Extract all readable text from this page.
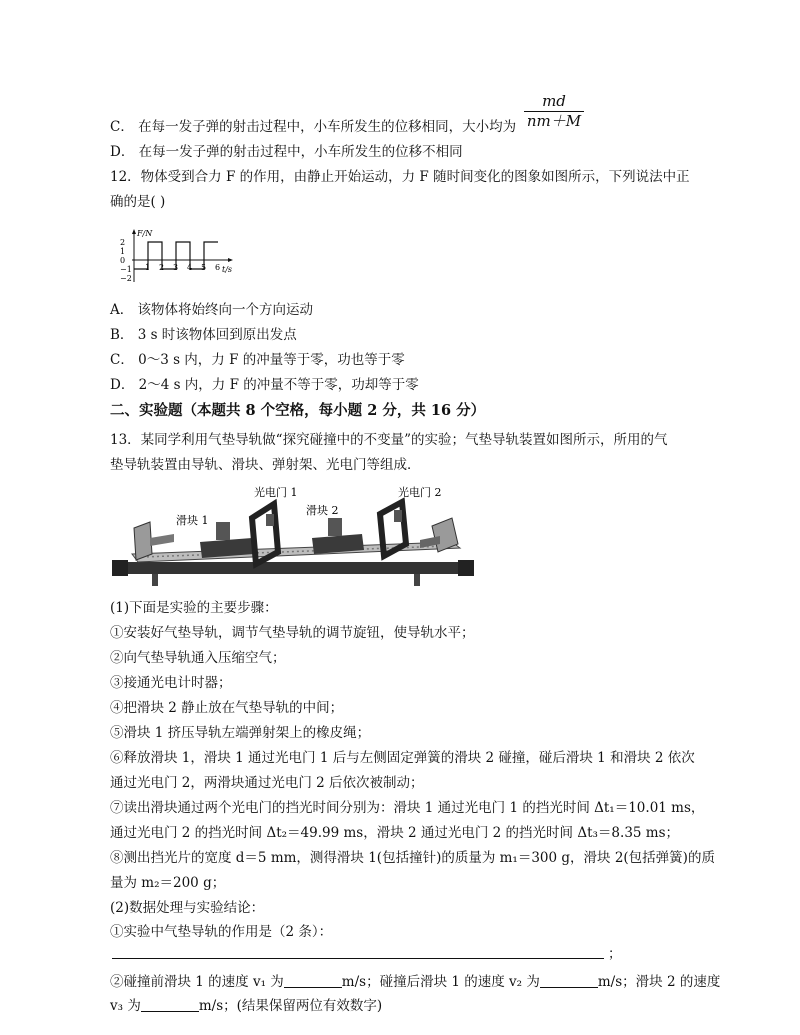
C． 在每一发子弹的射击过程中，小车所发生的位移相同，大小均为 $\frac{md}{nm+M}$
D． 在每一发子弹的射击过程中，小车所发生的位移不相同
12．物体受到合力 F 的作用，由静止开始运动，力 F 随时间变化的图象如图所示，下列说法中正
确的是( )
2
1
0
−1
−2
1 2 3 4 5 6
F/N
t/s
A． 该物体将始终向一个方向运动
B． 3 s 时该物体回到原出发点
C． 0～3 s 内，力 F 的冲量等于零，功也等于零
D． 2～4 s 内，力 F 的冲量不等于零，功却等于零
二、实验题（本题共 8 个空格，每小题 2 分，共 16 分）
13．某同学利用气垫导轨做“探究碰撞中的不变量”的实验；气垫导轨装置如图所示，所用的气
垫导轨装置由导轨、滑块、弹射架、光电门等组成．
光电门 1	光电门 2
滑块 1
滑块 2
(1)下面是实验的主要步骤：
①安装好气垫导轨，调节气垫导轨的调节旋钮，使导轨水平；
②向气垫导轨通入压缩空气；
③接通光电计时器；
④把滑块 2 静止放在气垫导轨的中间；
⑤滑块 1 挤压导轨左端弹射架上的橡皮绳；
⑥释放滑块 1，滑块 1 通过光电门 1 后与左侧固定弹簧的滑块 2 碰撞，碰后滑块 1 和滑块 2 依次
通过光电门 2，两滑块通过光电门 2 后依次被制动；
⑦读出滑块通过两个光电门的挡光时间分别为：滑块 1 通过光电门 1 的挡光时间 Δt₁＝10.01 ms，
通过光电门 2 的挡光时间 Δt₂＝49.99 ms，滑块 2 通过光电门 2 的挡光时间 Δt₃＝8.35 ms；
⑧测出挡光片的宽度 d＝5 mm，测得滑块 1(包括撞针)的质量为 m₁＝300 g，滑块 2(包括弹簧)的质
量为 m₂＝200 g；
(2)数据处理与实验结论：
①实验中气垫导轨的作用是（2 条）：
；
②碰撞前滑块 1 的速度 v₁ 为	m/s；碰撞后滑块 1 的速度 v₂ 为	m/s；滑块 2 的速度
v₃ 为	m/s；(结果保留两位有效数字)
